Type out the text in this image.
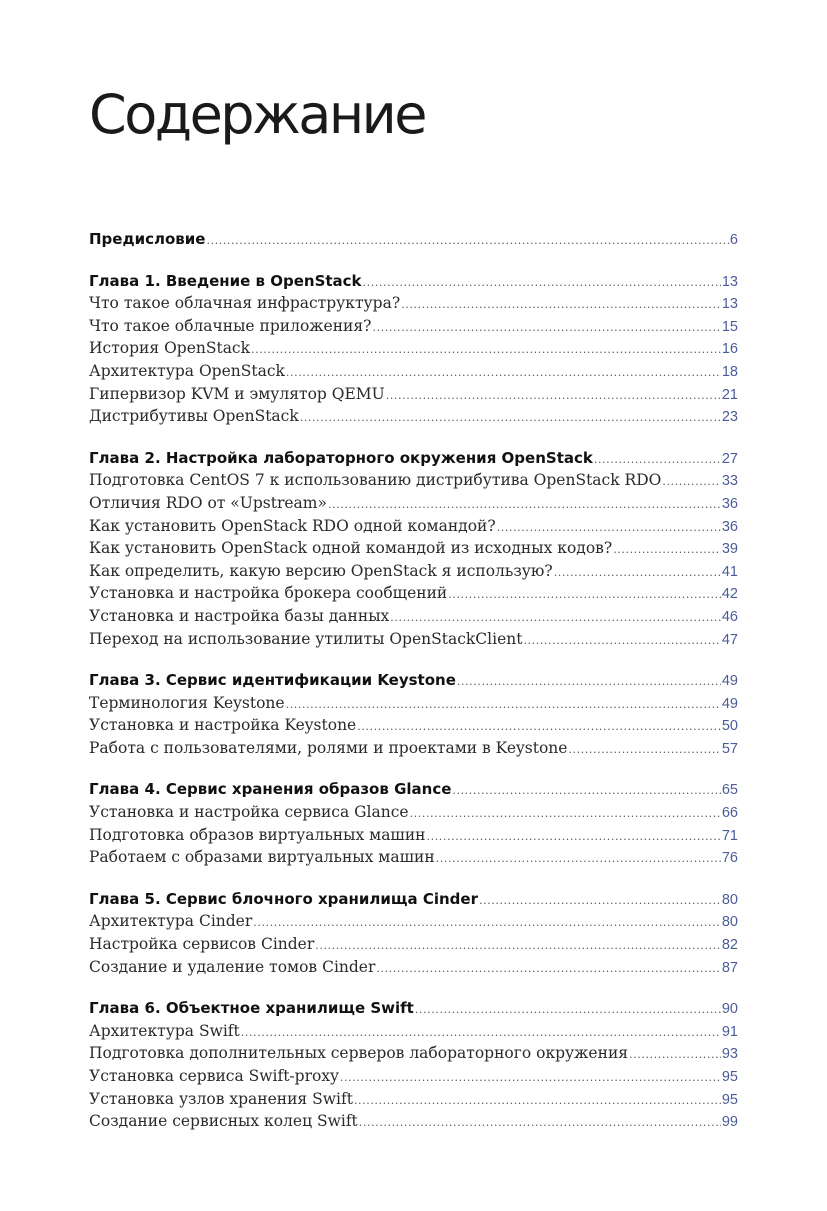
Содержание
Предисловие .....	6
Глава 1. Введение в OpenStack .....	13
Что такое облачная инфраструктура? .....	13
Что такое облачные приложения? .....	15
История OpenStack .....	16
Архитектура OpenStack .....	18
Гипервизор KVM и эмулятор QEMU .....	21
Дистрибутивы OpenStack .....	23
Глава 2. Настройка лабораторного окружения OpenStack .....	27
Подготовка CentOS 7 к использованию дистрибутива OpenStack RDO .....	33
Отличия RDO от «Upstream» .....	36
Как установить OpenStack RDO одной командой? .....	36
Как установить OpenStack одной командой из исходных кодов? .....	39
Как определить, какую версию OpenStack я использую? .....	41
Установка и настройка брокера сообщений .....	42
Установка и настройка базы данных .....	46
Переход на использование утилиты OpenStackClient .....	47
Глава 3. Сервис идентификации Keystone .....	49
Терминология Keystone .....	49
Установка и настройка Keystone .....	50
Работа с пользователями, ролями и проектами в Keystone .....	57
Глава 4. Сервис хранения образов Glance .....	65
Установка и настройка сервиса Glance .....	66
Подготовка образов виртуальных машин .....	71
Работаем с образами виртуальных машин .....	76
Глава 5. Сервис блочного хранилища Cinder .....	80
Архитектура Cinder .....	80
Настройка сервисов Cinder .....	82
Создание и удаление томов Cinder .....	87
Глава 6. Объектное хранилище Swift .....	90
Архитектура Swift .....	91
Подготовка дополнительных серверов лабораторного окружения .....	93
Установка сервиса Swift-proxy .....	95
Установка узлов хранения Swift .....	95
Создание сервисных колец Swift .....	99
